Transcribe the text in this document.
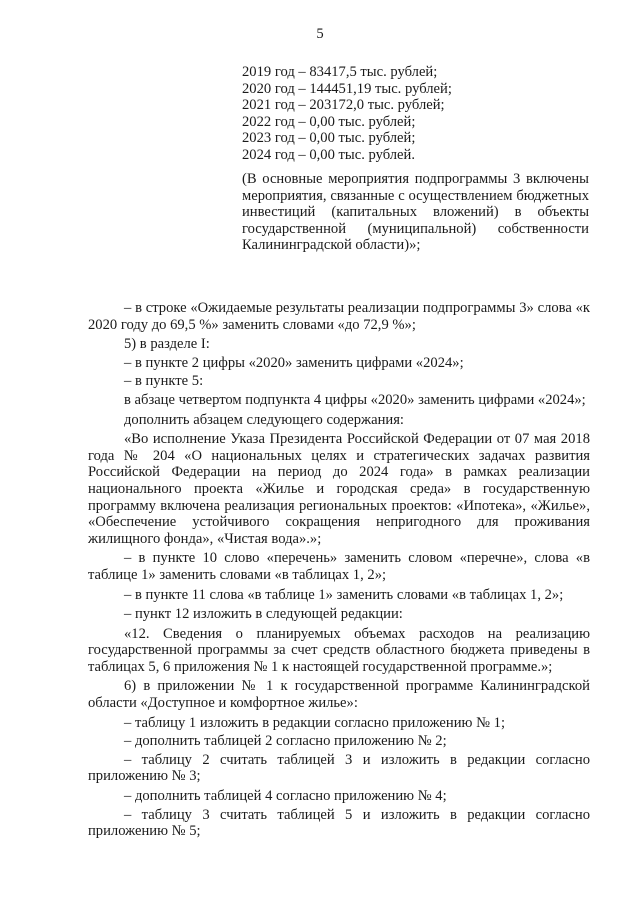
5
2019 год – 83417,5 тыс. рублей;
2020 год – 144451,19 тыс. рублей;
2021 год – 203172,0 тыс. рублей;
2022 год – 0,00 тыс. рублей;
2023 год – 0,00 тыс. рублей;
2024 год – 0,00 тыс. рублей.
(В основные мероприятия подпрограммы 3 включены мероприятия, связанные с осуществлением бюджетных инвестиций (капитальных вложений) в объекты государственной (муниципальной) собственности Калининградской области)»;

– в строке «Ожидаемые результаты реализации подпрограммы 3» слова «к 2020 году до 69,5 %» заменить словами «до 72,9 %»;

5) в разделе I:

– в пункте 2 цифры «2020» заменить цифрами «2024»;

– в пункте 5:

в абзаце четвертом подпункта 4 цифры «2020» заменить цифрами «2024»;

дополнить абзацем следующего содержания:

«Во исполнение Указа Президента Российской Федерации от 07 мая 2018 года № 204 «О национальных целях и стратегических задачах развития Российской Федерации на период до 2024 года» в рамках реализации национального проекта «Жилье и городская среда» в государственную программу включена реализация региональных проектов: «Ипотека», «Жилье», «Обеспечение устойчивого сокращения непригодного для проживания жилищного фонда», «Чистая вода».»;

– в пункте 10 слово «перечень» заменить словом «перечне», слова «в таблице 1» заменить словами «в таблицах 1, 2»;

– в пункте 11 слова «в таблице 1» заменить словами «в таблицах 1, 2»;

– пункт 12 изложить в следующей редакции:

«12. Сведения о планируемых объемах расходов на реализацию государственной программы за счет средств областного бюджета приведены в таблицах 5, 6 приложения № 1 к настоящей государственной программе.»;

6) в приложении № 1 к государственной программе Калининградской области «Доступное и комфортное жилье»:

– таблицу 1 изложить в редакции согласно приложению № 1;

– дополнить таблицей 2 согласно приложению № 2;

– таблицу 2 считать таблицей 3 и изложить в редакции согласно приложению № 3;

– дополнить таблицей 4 согласно приложению № 4;

– таблицу 3 считать таблицей 5 и изложить в редакции согласно приложению № 5;
